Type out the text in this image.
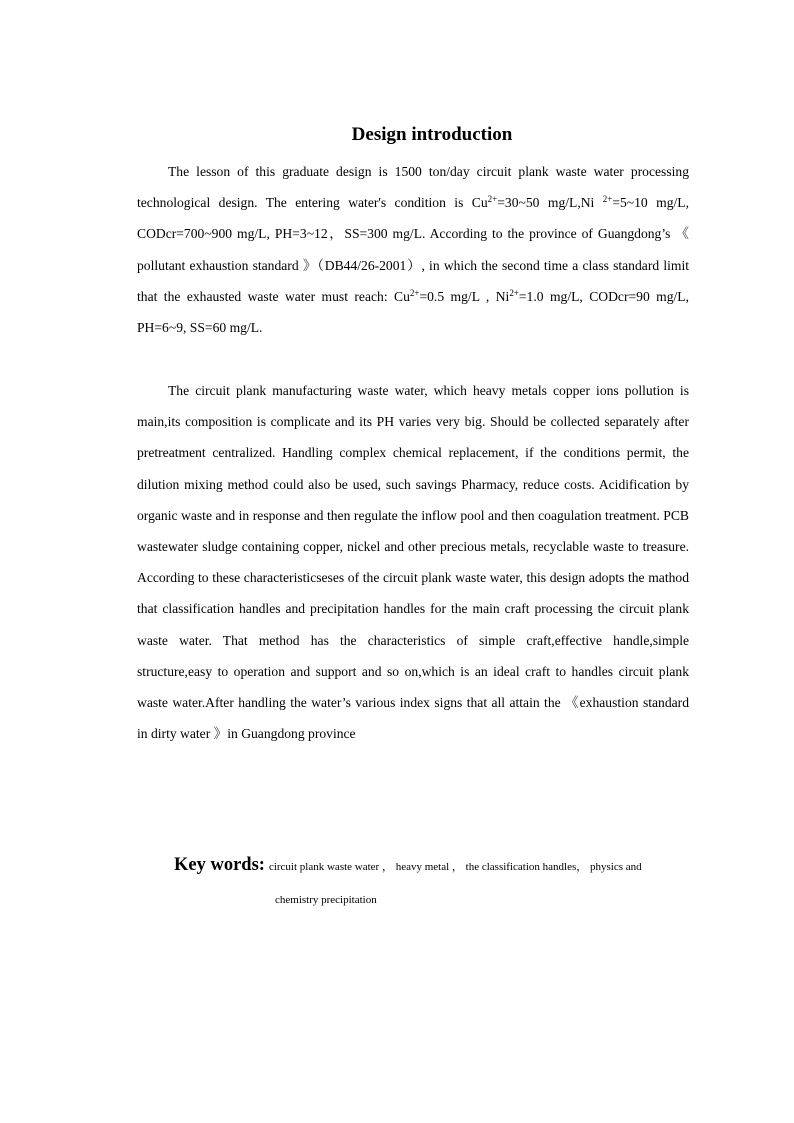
Design introduction

The lesson of this graduate design is 1500 ton/day circuit plank waste water processing technological design. The entering water's condition is $Cu^{2+}=30\sim 50$ mg/L,Ni $^{2+}$=5~10 mg/L, CODcr=700~900 mg/L, PH=3~12，SS=300 mg/L. According to the province of Guangdong’s 《 pollutant exhaustion standard 》（DB44/26-2001）, in which the second time a class standard limit that the exhausted waste water must reach: $Cu^{2+}=0.5$ mg/L , $Ni^{2+}=1.0$ mg/L, CODcr=90 mg/L, PH=6~9, SS=60 mg/L.

The circuit plank manufacturing waste water, which heavy metals copper ions pollution is main,its composition is complicate and its PH varies very big. Should be collected separately after pretreatment centralized. Handling complex chemical replacement, if the conditions permit, the dilution mixing method could also be used, such savings Pharmacy, reduce costs. Acidification by organic waste and in response and then regulate the inflow pool and then coagulation treatment. PCB wastewater sludge containing copper, nickel and other precious metals, recyclable waste to treasure. According to these characteristicseses of the circuit plank waste water, this design adopts the mathod that classification handles and precipitation handles for the main craft processing the circuit plank waste water. That method has the characteristics of simple craft,effective handle,simple structure,easy to operation and support and so on,which is an ideal craft to handles circuit plank waste water.After handling the water’s various index signs that all attain the 《exhaustion standard in dirty water 》in Guangdong province

Key words: circuit plank waste water ， heavy metal ， the classification handles， physics and
chemistry precipitation
